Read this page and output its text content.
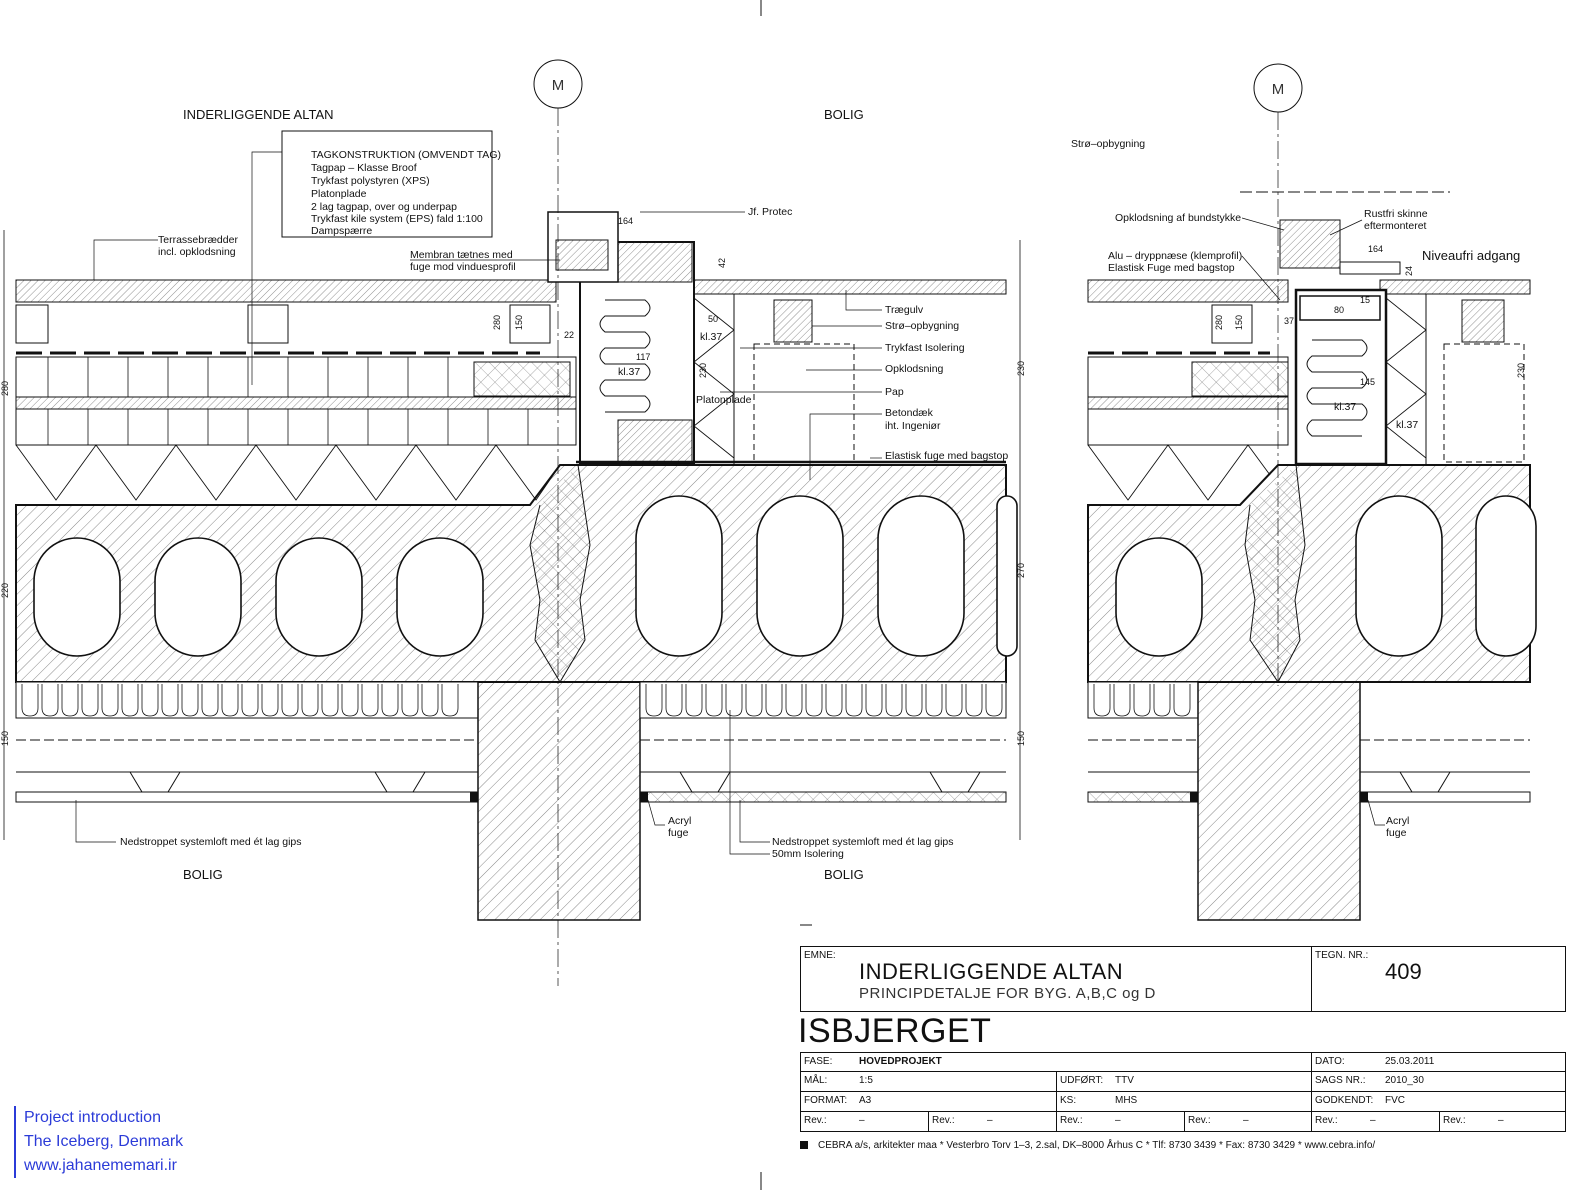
M	M
INDERLIGGENDE ALTAN	BOLIG
BOLIG
BOLIG
TAGKONSTRUKTION (OMVENDT TAG)
Tagpap – Klasse Broof
Trykfast polystyren (XPS)
Platonplade
2 lag tagpap, over og underpap
Trykfast kile system (EPS) fald 1:100
Dampspærre
Terrassebrædder
incl. opklodsning	Membran tætnes med
fuge mod vinduesprofil
Jf. Protec
Trægulv
Strø–opbygning
Trykfast Isolering
Opklodsning
Pap
Betondæk
iht. Ingeniør
Elastisk fuge med bagstop
Platonplade
kl.37
kl.37
kl.37
kl.37
Nedstroppet systemloft med ét lag gips	Nedstroppet systemloft med ét lag gips
50mm Isolering
Acryl
fuge
Acryl
fuge
Strø–opbygning
Opklodsning af bundstykke
Alu – dryppnæse (klemprofil)
Elastisk Fuge med bagstop
Rustfri skinne
eftermonteret
Niveaufri adgang
164
42
50
117
230
280 150
22
230
270
150
280
220
150
280 150
164
15
80
145
24
37
230
EMNE:
INDERLIGGENDE ALTAN
PRINCIPDETALJE FOR BYG. A,B,C og D
TEGN. NR.:
409
ISBJERGET
FASE:	HOVEDPROJEKT	DATO:	25.03.2011
MÅL:	1:5	UDFØRT: TTV	SAGS NR.: 2010_30
FORMAT: A3	KS:	MHS	GODKENDT: FVC
Rev.:	–	Rev.:	–	Rev.:	–	Rev.:	–	Rev.:	–	Rev.:	–
CEBRA a/s, arkitekter maa * Vesterbro Torv 1–3, 2.sal, DK–8000 Århus C * Tlf: 8730 3439 * Fax: 8730 3429 * www.cebra.info/
Project introduction
The Iceberg, Denmark
www.jahanememari.ir
